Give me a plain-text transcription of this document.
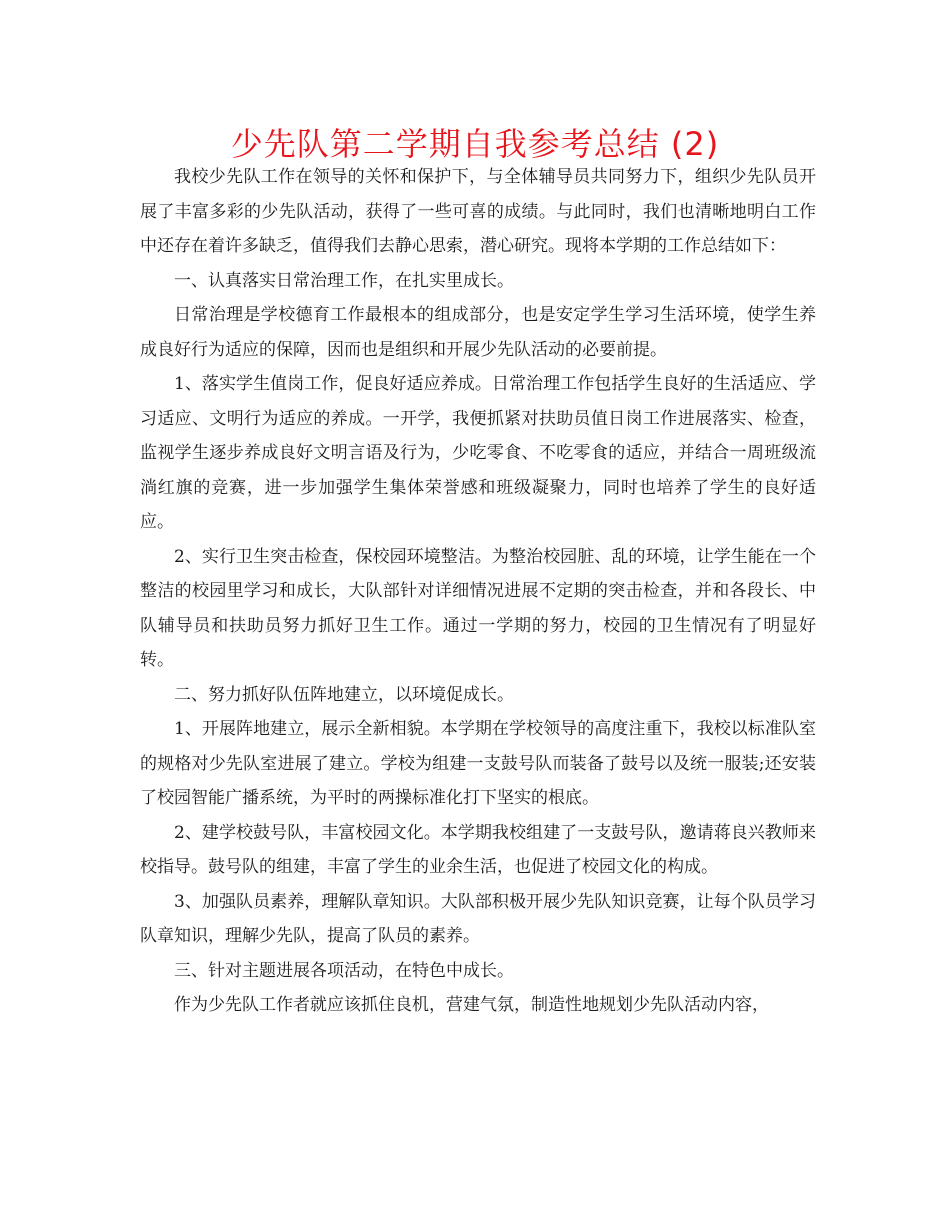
少先队第二学期自我参考总结 (2)

我校少先队工作在领导的关怀和保护下，与全体辅导员共同努力下，组织少先队员开展了丰富多彩的少先队活动，获得了一些可喜的成绩。与此同时，我们也清晰地明白工作中还存在着许多缺乏，值得我们去静心思索，潜心研究。现将本学期的工作总结如下：

一、认真落实日常治理工作，在扎实里成长。

日常治理是学校德育工作最根本的组成部分，也是安定学生学习生活环境，使学生养成良好行为适应的保障，因而也是组织和开展少先队活动的必要前提。

1、落实学生值岗工作，促良好适应养成。日常治理工作包括学生良好的生活适应、学习适应、文明行为适应的养成。一开学，我便抓紧对扶助员值日岗工作进展落实、检查，监视学生逐步养成良好文明言语及行为，少吃零食、不吃零食的适应，并结合一周班级流淌红旗的竞赛，进一步加强学生集体荣誉感和班级凝聚力，同时也培养了学生的良好适应。

2、实行卫生突击检查，保校园环境整洁。为整治校园脏、乱的环境，让学生能在一个整洁的校园里学习和成长，大队部针对详细情况进展不定期的突击检查，并和各段长、中队辅导员和扶助员努力抓好卫生工作。通过一学期的努力，校园的卫生情况有了明显好转。

二、努力抓好队伍阵地建立，以环境促成长。

1、开展阵地建立，展示全新相貌。本学期在学校领导的高度注重下，我校以标准队室的规格对少先队室进展了建立。学校为组建一支鼓号队而装备了鼓号以及统一服装;还安装了校园智能广播系统，为平时的两操标准化打下坚实的根底。

2、建学校鼓号队，丰富校园文化。本学期我校组建了一支鼓号队，邀请蒋良兴教师来校指导。鼓号队的组建，丰富了学生的业余生活，也促进了校园文化的构成。

3、加强队员素养，理解队章知识。大队部积极开展少先队知识竞赛，让每个队员学习队章知识，理解少先队，提高了队员的素养。

三、针对主题进展各项活动，在特色中成长。

作为少先队工作者就应该抓住良机，营建气氛，制造性地规划少先队活动内容，
